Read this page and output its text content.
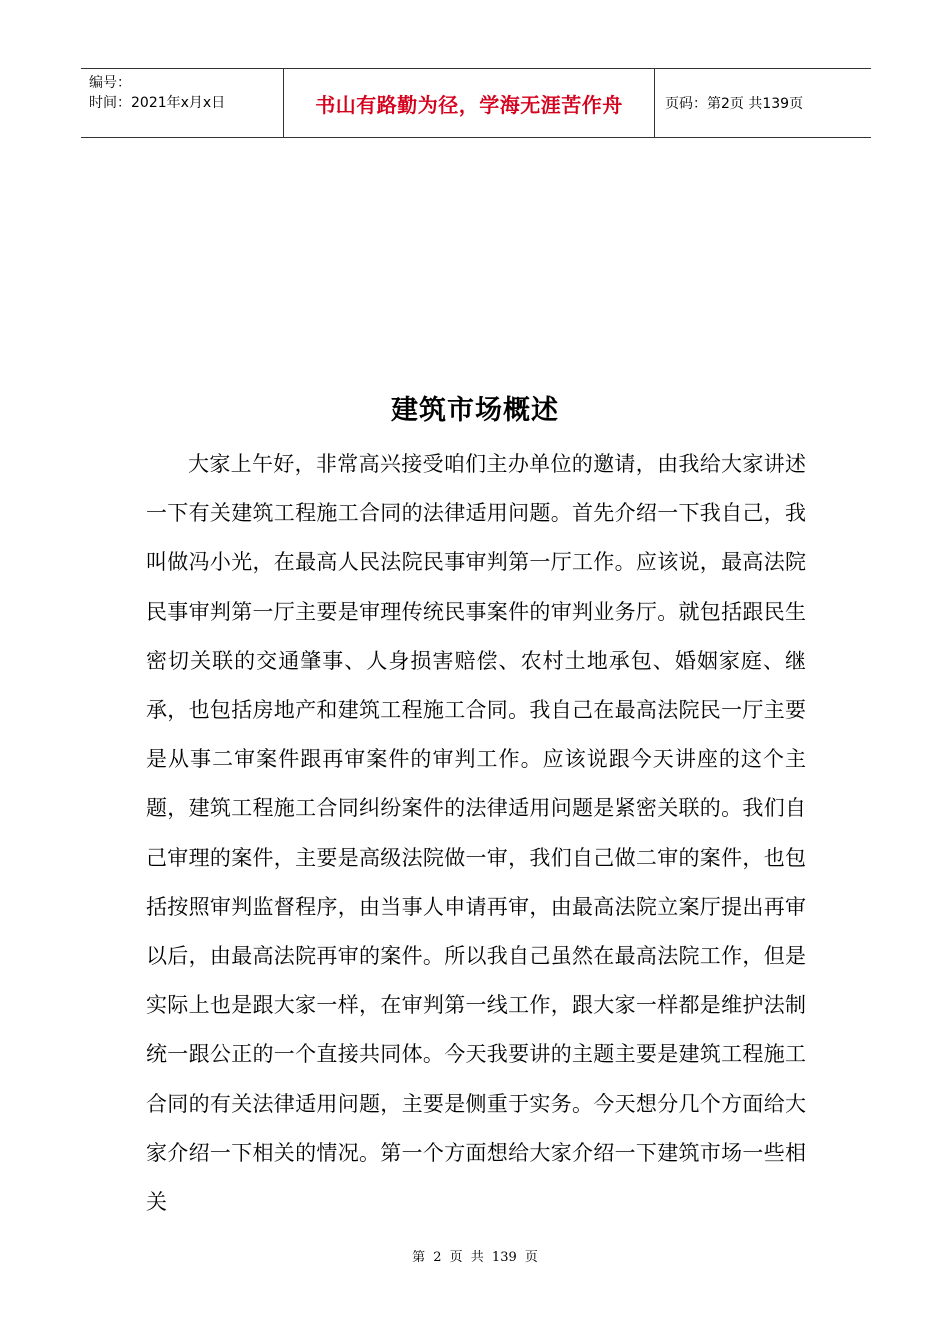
编号：
时间：2021年x月x日	书山有路勤为径，学海无涯苦作舟	页码：第2页 共139页
建筑市场概述

大家上午好，非常高兴接受咱们主办单位的邀请，由我给大家讲述一下有关建筑工程施工合同的法律适用问题。首先介绍一下我自己，我叫做冯小光，在最高人民法院民事审判第一厅工作。应该说，最高法院民事审判第一厅主要是审理传统民事案件的审判业务厅。就包括跟民生密切关联的交通肇事、人身损害赔偿、农村土地承包、婚姻家庭、继承，也包括房地产和建筑工程施工合同。我自己在最高法院民一厅主要是从事二审案件跟再审案件的审判工作。应该说跟今天讲座的这个主题，建筑工程施工合同纠纷案件的法律适用问题是紧密关联的。我们自己审理的案件，主要是高级法院做一审，我们自己做二审的案件，也包括按照审判监督程序，由当事人申请再审，由最高法院立案厅提出再审以后，由最高法院再审的案件。所以我自己虽然在最高法院工作，但是实际上也是跟大家一样，在审判第一线工作，跟大家一样都是维护法制统一跟公正的一个直接共同体。今天我要讲的主题主要是建筑工程施工合同的有关法律适用问题，主要是侧重于实务。今天想分几个方面给大家介绍一下相关的情况。第一个方面想给大家介绍一下建筑市场一些相关

第 2 页 共 139 页
